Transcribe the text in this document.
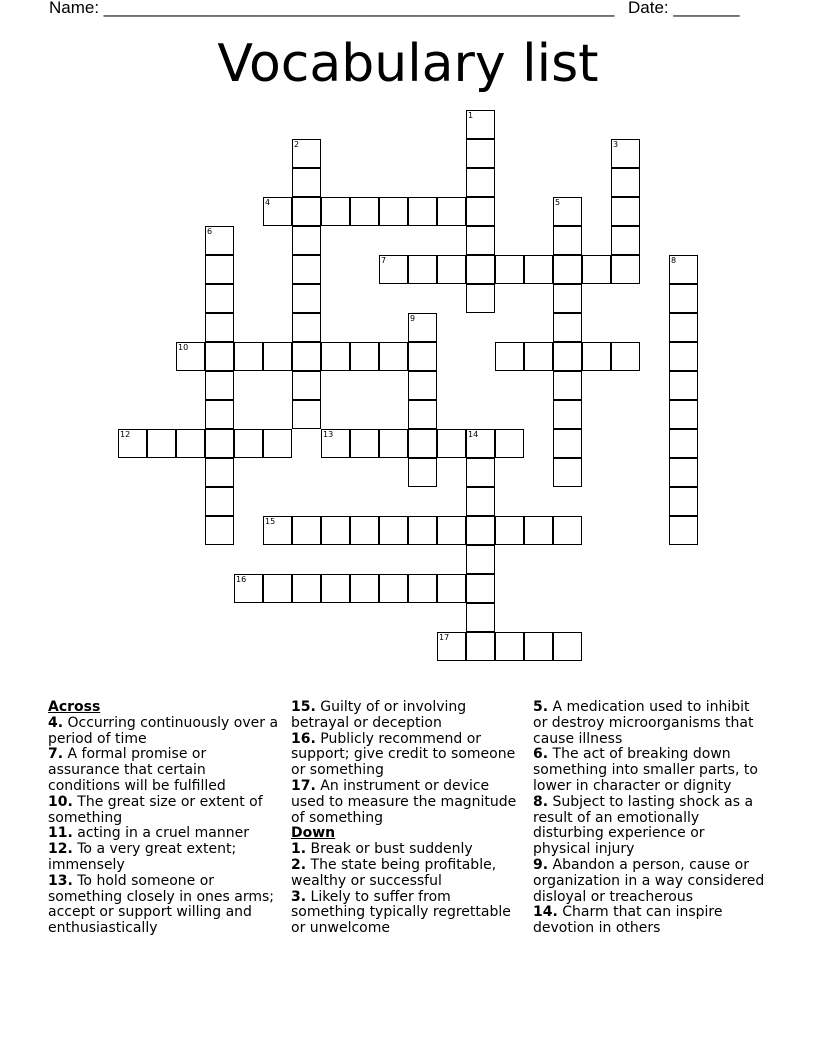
Name: ______________________________________________________ Date: _______
Vocabulary list
1
2	3
4	5
6
7	8
9
10
12	13	14
15
16
17

Across

4. Occurring continuously over a period of time

7. A formal promise or assurance that certain conditions will be fulfilled

10. The great size or extent of something

11. acting in a cruel manner

12. To a very great extent; immensely

13. To hold someone or something closely in ones arms; accept or support willing and enthusiastically

15. Guilty of or involving betrayal or deception

16. Publicly recommend or support; give credit to someone or something

17. An instrument or device used to measure the magnitude of something

Down

1. Break or bust suddenly

2. The state being profitable, wealthy or successful

3. Likely to suffer from something typically regrettable or unwelcome

5. A medication used to inhibit or destroy microorganisms that cause illness

6. The act of breaking down something into smaller parts, to lower in character or dignity

8. Subject to lasting shock as a result of an emotionally disturbing experience or physical injury

9. Abandon a person, cause or organization in a way considered disloyal or treacherous

14. Charm that can inspire devotion in others
